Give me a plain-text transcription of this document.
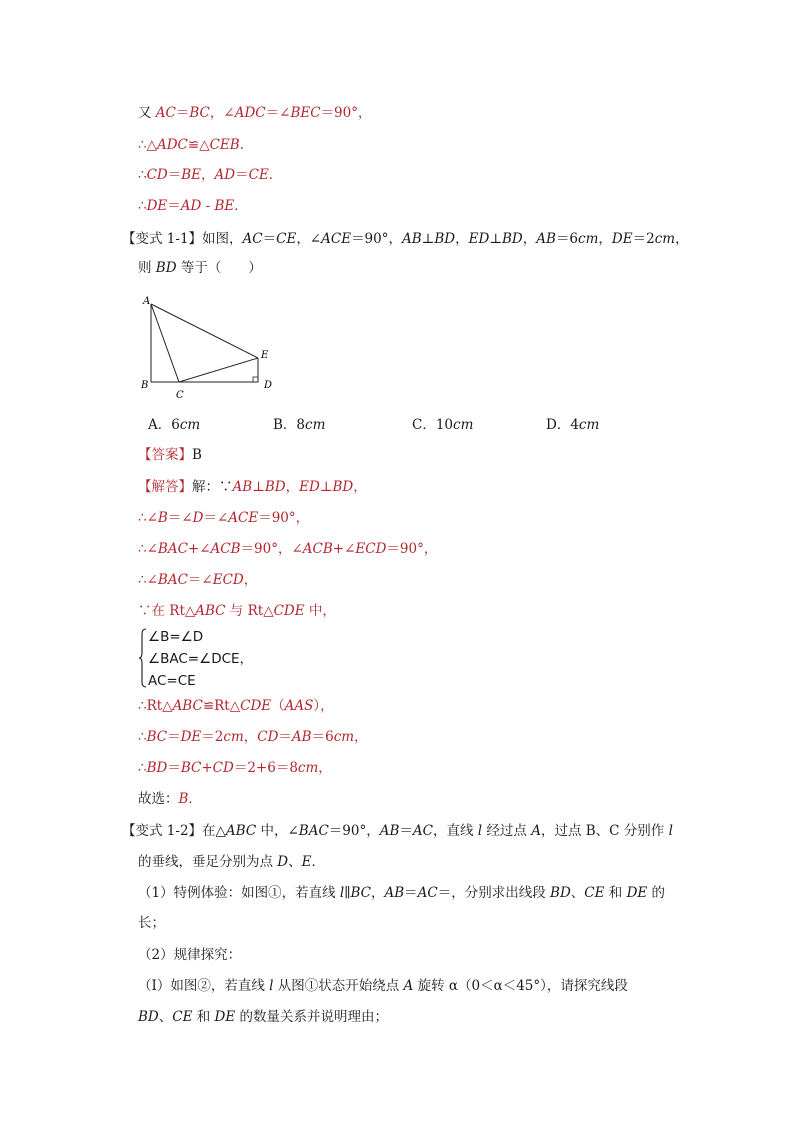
又 AC＝BC，∠ADC＝∠BEC＝90°，
∴△ADC≌△CEB．
∴CD＝BE，AD＝CE．
∴DE＝AD - BE．
【变式 1-1】如图，AC＝CE，∠ACE＝90°，AB⊥BD，ED⊥BD，AB＝6cm，DE＝2cm，
则 BD 等于（　　）
A
B
C
D
E
A．6cm	B．8cm	C．10cm	D．4cm
【答案】B
【解答】解：∵AB⊥BD，ED⊥BD，
∴∠B＝∠D＝∠ACE＝90°，
∴∠BAC+∠ACB＝90°，∠ACB+∠ECD＝90°，
∴∠BAC＝∠ECD，
∵在 Rt△ABC 与 Rt△CDE 中，
∠B=∠D
∠BAC=∠DCE，
AC=CE
∴Rt△ABC≌Rt△CDE（AAS），
∴BC＝DE＝2cm，CD＝AB＝6cm，
∴BD＝BC+CD＝2+6＝8cm，
故选：B．
【变式 1-2】在△ABC 中，∠BAC＝90°，AB＝AC，直线 l 经过点 A，过点 B、C 分别作 l
的垂线，垂足分别为点 D、E．
（1）特例体验：如图①，若直线 l∥BC，AB＝AC＝，分别求出线段 BD、CE 和 DE 的
长；
（2）规律探究：
（Ⅰ）如图②，若直线 l 从图①状态开始绕点 A 旋转 α（0＜α＜45°），请探究线段
BD、CE 和 DE 的数量关系并说明理由；
